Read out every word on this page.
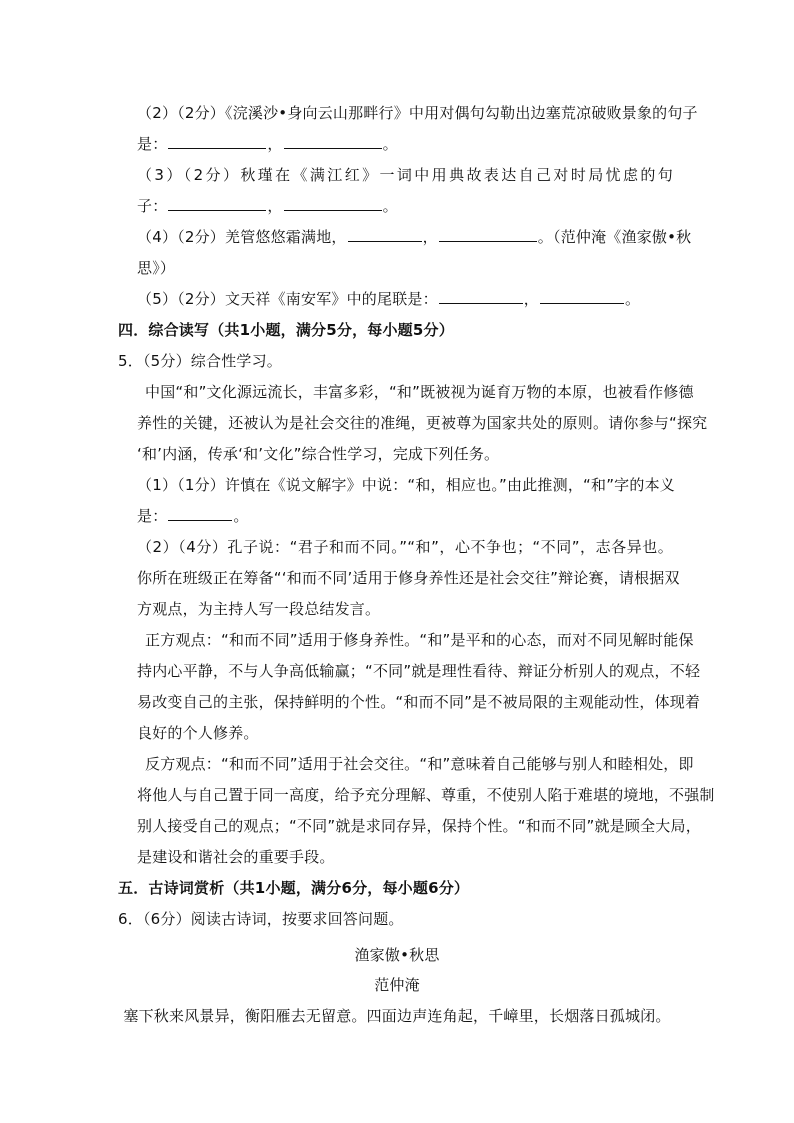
（2）（2分）《浣溪沙•身向云山那畔行》中用对偶句勾勒出边塞荒凉破败景象的句子
是：	，	。
（3）（2分）秋瑾在《满江红》一词中用典故表达自己对时局忧虑的句
子：	，	。
（4）（2分）羌管悠悠霜满地，	，	。（范仲淹《渔家傲•秋
思》）
（5）（2分）文天祥《南安军》中的尾联是：	，	。
四．综合读写（共1小题，满分5分，每小题5分）
5．（5分）综合性学习。
中国“和”文化源远流长，丰富多彩，“和”既被视为诞育万物的本原，也被看作修德
养性的关键，还被认为是社会交往的准绳，更被尊为国家共处的原则。请你参与“探究
‘和’内涵，传承‘和’文化”综合性学习，完成下列任务。
（1）（1分）许慎在《说文解字》中说：“和，相应也。”由此推测，“和”字的本义
是：	。
（2）（4分）孔子说：“君子和而不同。”“和”，心不争也；“不同”，志各异也。
你所在班级正在筹备“‘和而不同’适用于修身养性还是社会交往”辩论赛，请根据双
方观点，为主持人写一段总结发言。
正方观点：“和而不同”适用于修身养性。“和”是平和的心态，而对不同见解时能保
持内心平静，不与人争高低输赢；“不同”就是理性看待、辩证分析别人的观点，不轻
易改变自己的主张，保持鲜明的个性。“和而不同”是不被局限的主观能动性，体现着
良好的个人修养。
反方观点：“和而不同”适用于社会交往。“和”意味着自己能够与别人和睦相处，即
将他人与自己置于同一高度，给予充分理解、尊重，不使别人陷于难堪的境地，不强制
别人接受自己的观点；“不同”就是求同存异，保持个性。“和而不同”就是顾全大局，
是建设和谐社会的重要手段。
五．古诗词赏析（共1小题，满分6分，每小题6分）
6．（6分）阅读古诗词，按要求回答问题。
渔家傲•秋思
范仲淹
塞下秋来风景异，衡阳雁去无留意。四面边声连角起，千嶂里，长烟落日孤城闭。
